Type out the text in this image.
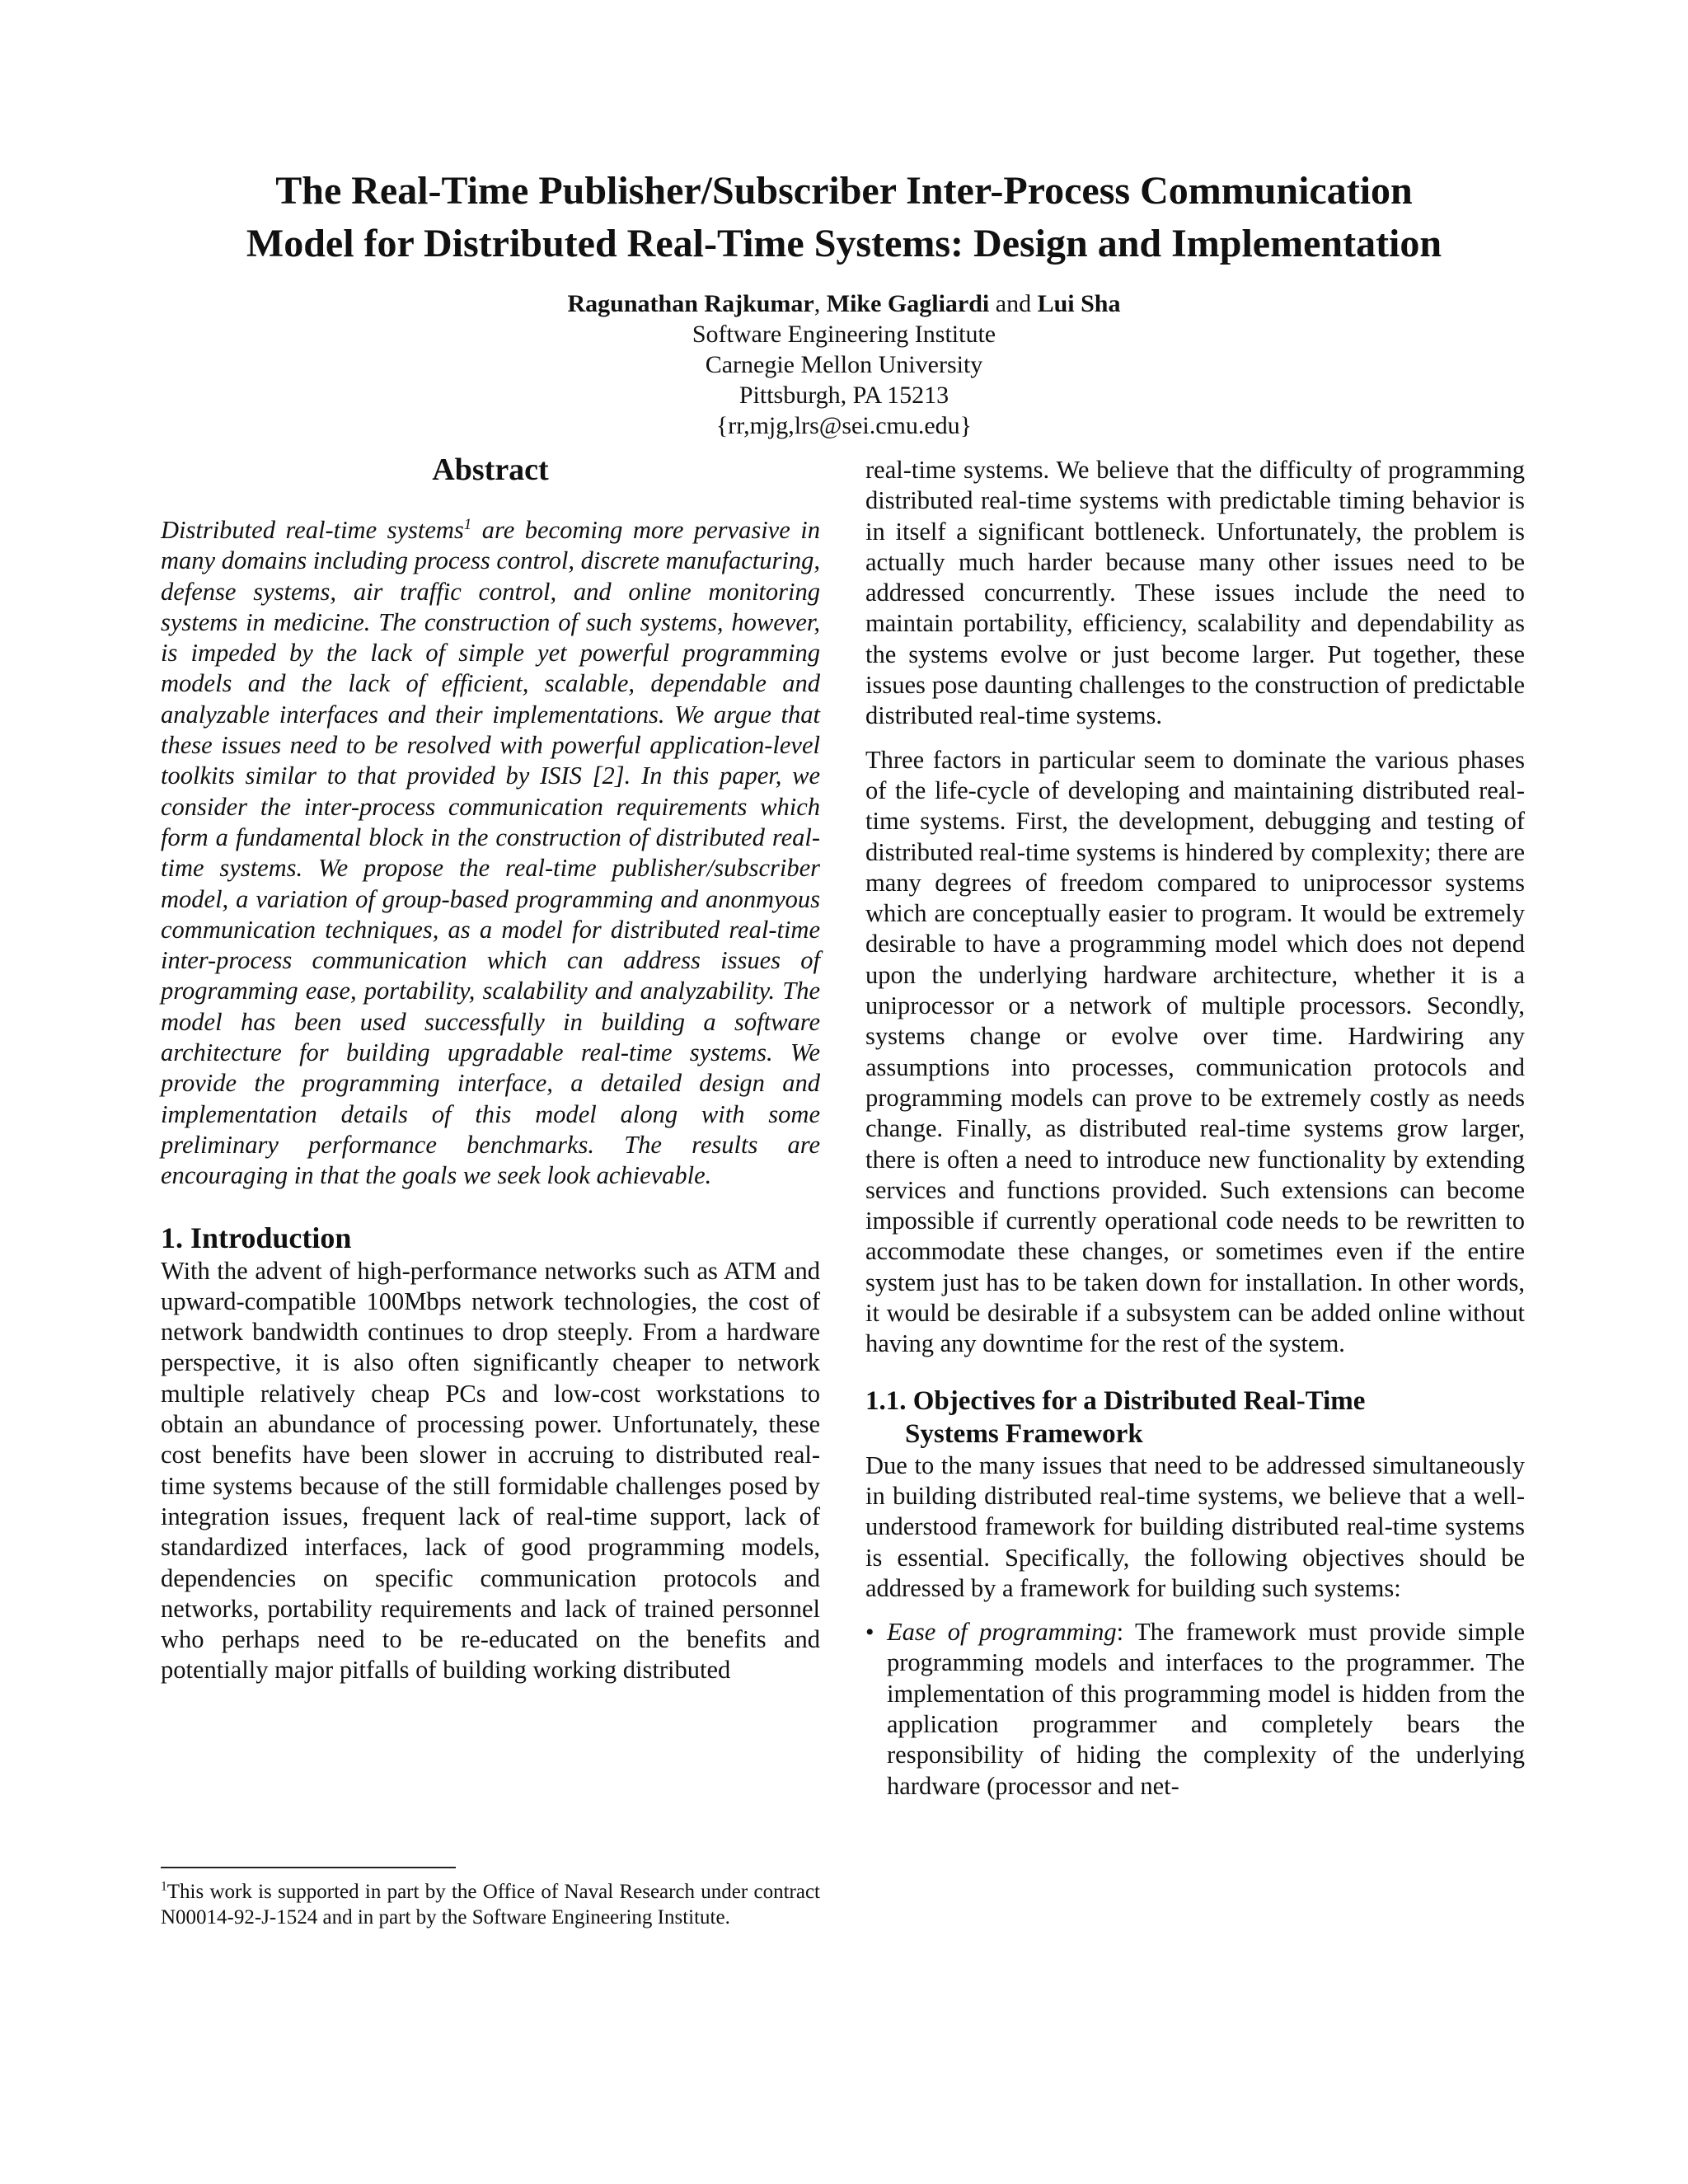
The Real-Time Publisher/Subscriber Inter-Process Communication
Model for Distributed Real-Time Systems: Design and Implementation
Ragunathan Rajkumar, Mike Gagliardi and Lui Sha
Software Engineering Institute
Carnegie Mellon University
Pittsburgh, PA 15213
{rr,mjg,lrs@sei.cmu.edu}
Abstract

Distributed real-time systems$^1$ are becoming more pervasive in many domains including process control, discrete manufacturing, defense systems, air traffic control, and online monitoring systems in medicine. The construction of such systems, however, is impeded by the lack of simple yet powerful programming models and the lack of efficient, scalable, dependable and analyzable interfaces and their implementations. We argue that these issues need to be resolved with powerful application-level toolkits similar to that provided by ISIS [2]. In this paper, we consider the inter-process communication requirements which form a fundamental block in the construction of distributed real-time systems. We propose the real-time publisher/subscriber model, a variation of group-based programming and anonmyous communication techniques, as a model for distributed real-time inter-process communication which can address issues of programming ease, portability, scalability and analyzability. The model has been used successfully in building a software architecture for building upgradable real-time systems. We provide the programming interface, a detailed design and implementation details of this model along with some preliminary performance benchmarks. The results are encouraging in that the goals we seek look achievable.

1. Introduction

With the advent of high-performance networks such as ATM and upward-compatible 100Mbps network technologies, the cost of network bandwidth continues to drop steeply. From a hardware perspective, it is also often significantly cheaper to network multiple relatively cheap PCs and low-cost workstations to obtain an abundance of processing power. Unfortunately, these cost benefits have been slower in accruing to distributed real-time systems because of the still formidable challenges posed by integration issues, frequent lack of real-time support, lack of standardized interfaces, lack of good programming models, dependencies on specific communication protocols and networks, portability requirements and lack of trained personnel who perhaps need to be re-educated on the benefits and potentially major pitfalls of building working distributed

real-time systems. We believe that the difficulty of programming distributed real-time systems with predictable timing behavior is in itself a significant bottleneck. Unfortunately, the problem is actually much harder because many other issues need to be addressed concurrently. These issues include the need to maintain portability, efficiency, scalability and dependability as the systems evolve or just become larger. Put together, these issues pose daunting challenges to the construction of predictable distributed real-time systems.

Three factors in particular seem to dominate the various phases of the life-cycle of developing and maintaining distributed real-time systems. First, the development, debugging and testing of distributed real-time systems is hindered by complexity; there are many degrees of freedom compared to uniprocessor systems which are conceptually easier to program. It would be extremely desirable to have a programming model which does not depend upon the underlying hardware architecture, whether it is a uniprocessor or a network of multiple processors. Secondly, systems change or evolve over time. Hardwiring any assumptions into processes, communication protocols and programming models can prove to be extremely costly as needs change. Finally, as distributed real-time systems grow larger, there is often a need to introduce new functionality by extending services and functions provided. Such extensions can become impossible if currently operational code needs to be rewritten to accommodate these changes, or sometimes even if the entire system just has to be taken down for installation. In other words, it would be desirable if a subsystem can be added online without having any downtime for the rest of the system.

1.1. Objectives for a Distributed Real-Time
Systems Framework

Due to the many issues that need to be addressed simultaneously in building distributed real-time systems, we believe that a well-understood framework for building distributed real-time systems is essential. Specifically, the following objectives should be addressed by a framework for building such systems:

• Ease of programming: The framework must provide simple programming models and interfaces to the programmer. The implementation of this programming model is hidden from the application programmer and completely bears the responsibility of hiding the complexity of the underlying hardware (processor and net-
$^1$This work is supported in part by the Office of Naval Research under contract N00014-92-J-1524 and in part by the Software Engineering Institute.
